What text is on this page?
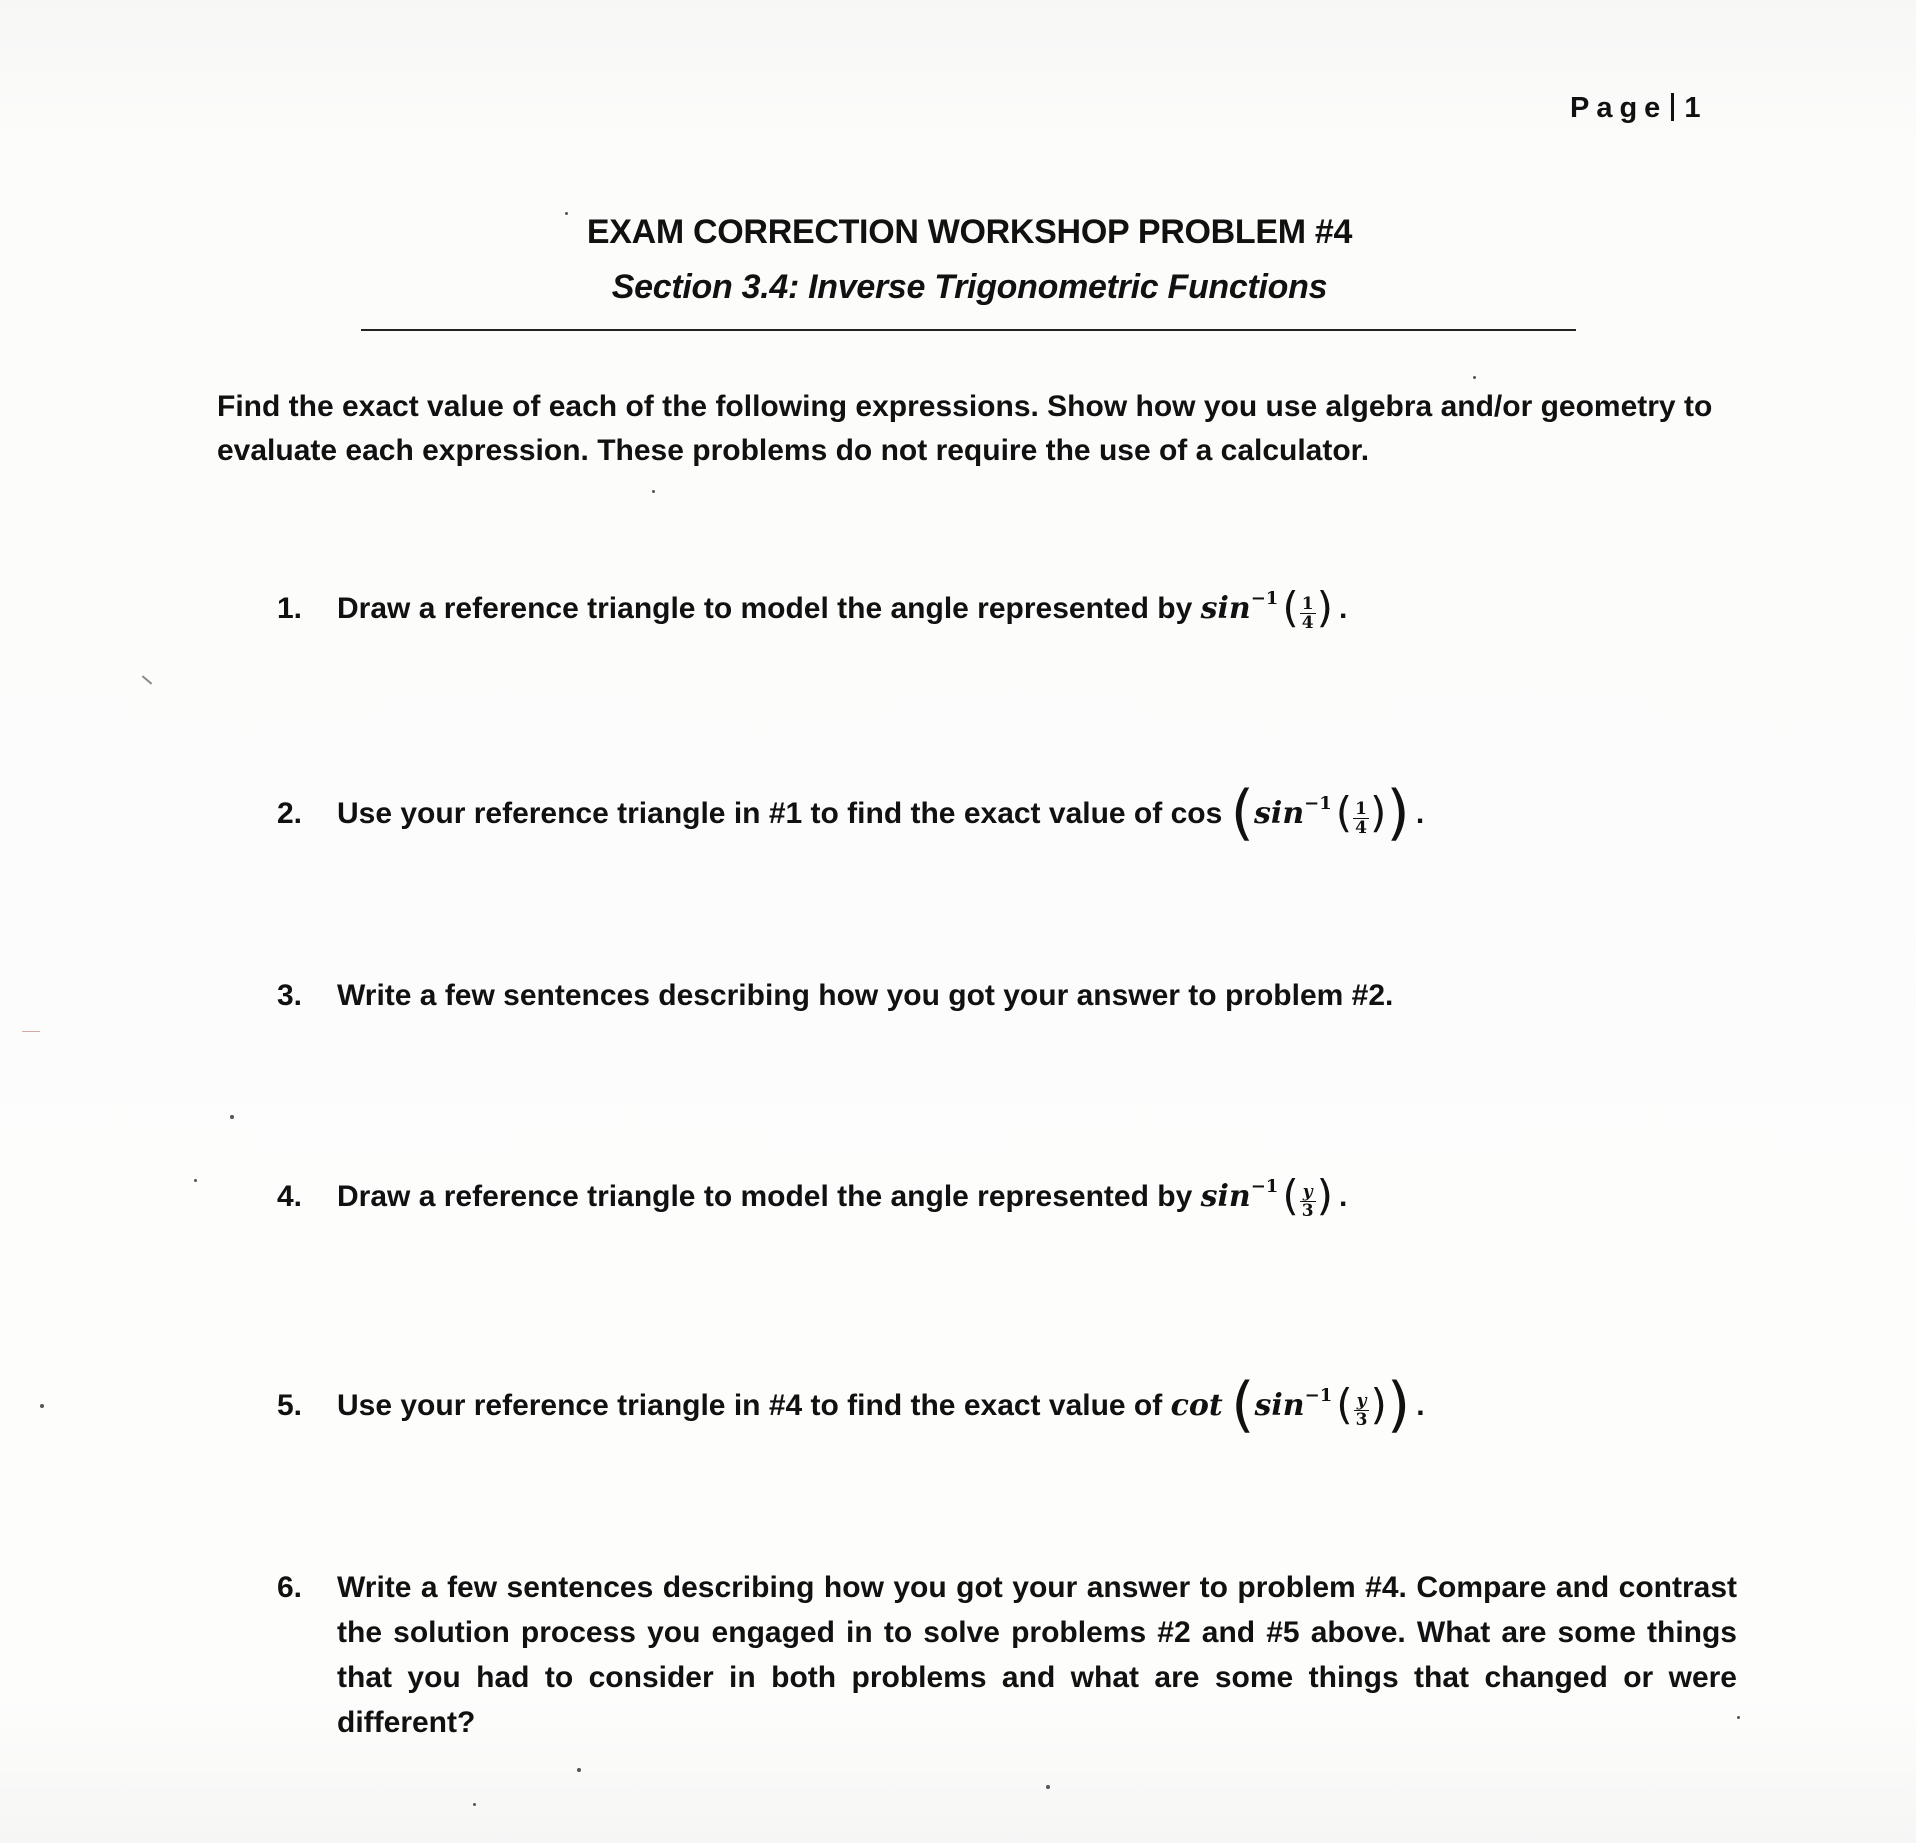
Page 1
EXAM CORRECTION WORKSHOP PROBLEM #4
Section 3.4: Inverse Trigonometric Functions
Find the exact value of each of the following expressions. Show how you use algebra and/or geometry to evaluate each expression. These problems do not require the use of a calculator.
1. Draw a reference triangle to model the angle represented by $\sin^{-1}( \frac{1}{4}$ ) .
2. Use your reference triangle in #1 to find the exact value of $\cos (\sin^{-1}( \frac{1}{4}$ )) .
3. Write a few sentences describing how you got your answer to problem #2.
4. Draw a reference triangle to model the angle represented by $\sin^{-1}( \frac{y}{3}$ ) .
5. Use your reference triangle in #4 to find the exact value of $\cot (\sin^{-1}( \frac{y}{3}$ )) .
6.	Write a few sentences describing how you got your answer to problem #4. Compare and contrast the solution process you engaged in to solve problems #2 and #5 above. What are some things that you had to consider in both problems and what are some things that changed or were different?
